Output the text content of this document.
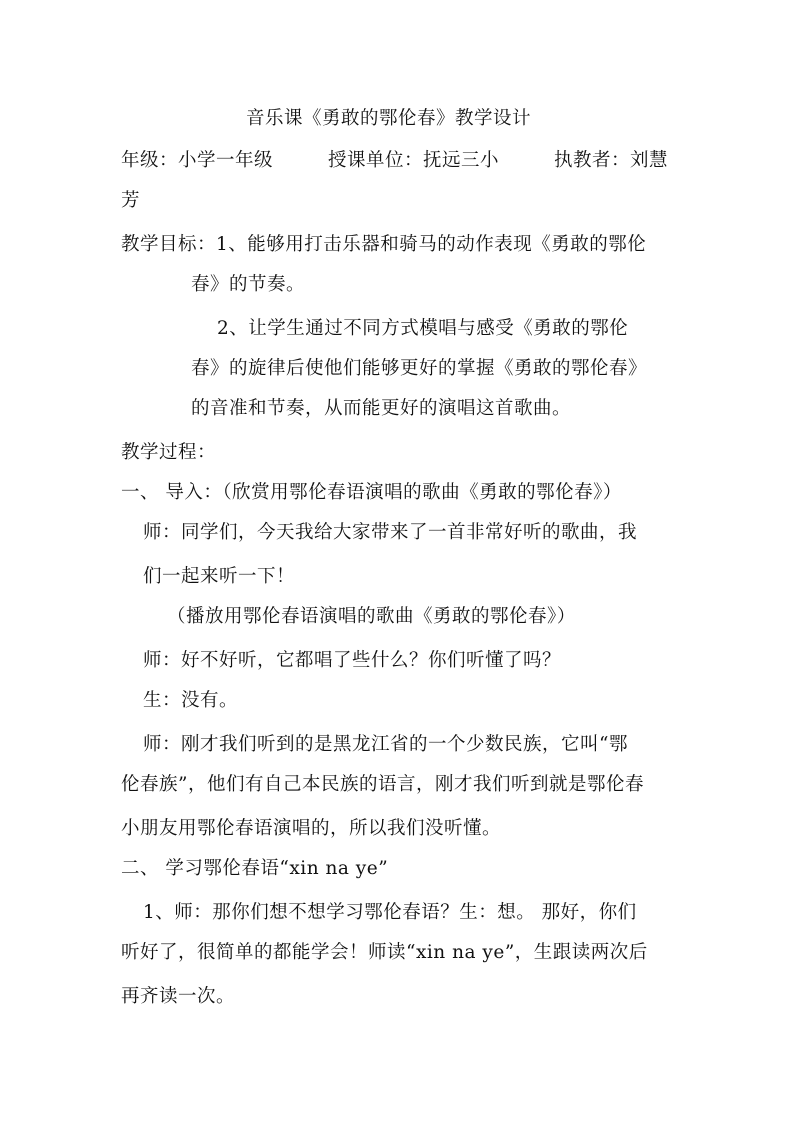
音乐课《勇敢的鄂伦春》教学设计
年级：小学一年级	授课单位：抚远三小	执教者：刘慧
芳
教学目标：1、能够用打击乐器和骑马的动作表现《勇敢的鄂伦
春》的节奏。
2、让学生通过不同方式模唱与感受《勇敢的鄂伦
春》的旋律后使他们能够更好的掌握《勇敢的鄂伦春》
的音准和节奏，从而能更好的演唱这首歌曲。
教学过程：
一、 导入：（欣赏用鄂伦春语演唱的歌曲《勇敢的鄂伦春》）
师：同学们，今天我给大家带来了一首非常好听的歌曲，我
们一起来听一下！
（播放用鄂伦春语演唱的歌曲《勇敢的鄂伦春》）
师：好不好听，它都唱了些什么？你们听懂了吗？
生：没有。
师：刚才我们听到的是黑龙江省的一个少数民族，它叫“鄂
伦春族”，他们有自己本民族的语言，刚才我们听到就是鄂伦春
小朋友用鄂伦春语演唱的，所以我们没听懂。
二、 学习鄂伦春语“xin na ye”
1、师：那你们想不想学习鄂伦春语？生：想。 那好，你们
听好了，很简单的都能学会！师读“xin na ye”，生跟读两次后
再齐读一次。
